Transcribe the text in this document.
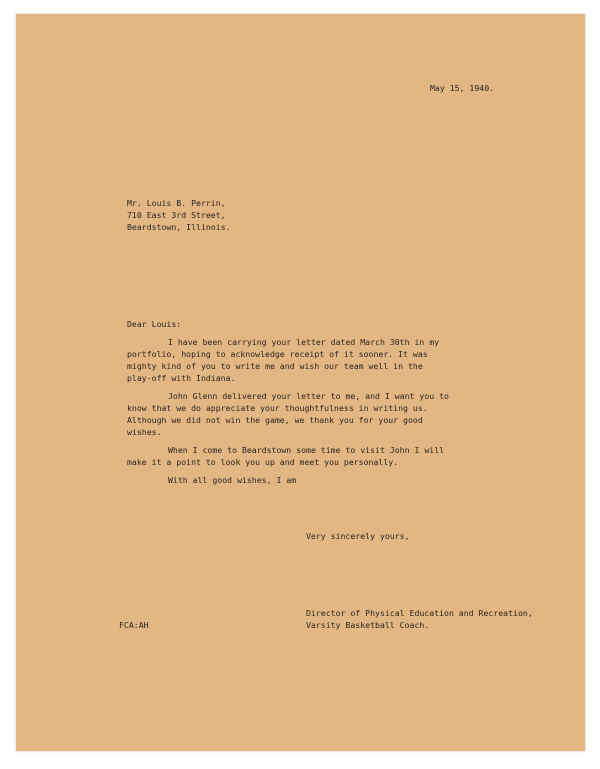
May 15, 1940.

Mr. Louis B. Perrin,

710 East 3rd Street,

Beardstown, Illinois.

Dear Louis:

I have been carrying your letter dated March 30th in my

portfolio, hoping to acknowledge receipt of it sooner. It was

mighty kind of you to write me and wish our team well in the

play-off with Indiana.

John Glenn delivered your letter to me, and I want you to

know that we do appreciate your thoughtfulness in writing us.

Although we did not win the game, we thank you for your good

wishes.

When I come to Beardstown some time to visit John I will

make it a point to look you up and meet you personally.

With all good wishes, I am

Very sincerely yours,

Director of Physical Education and Recreation,

FCA:AH	Varsity Basketball Coach.
